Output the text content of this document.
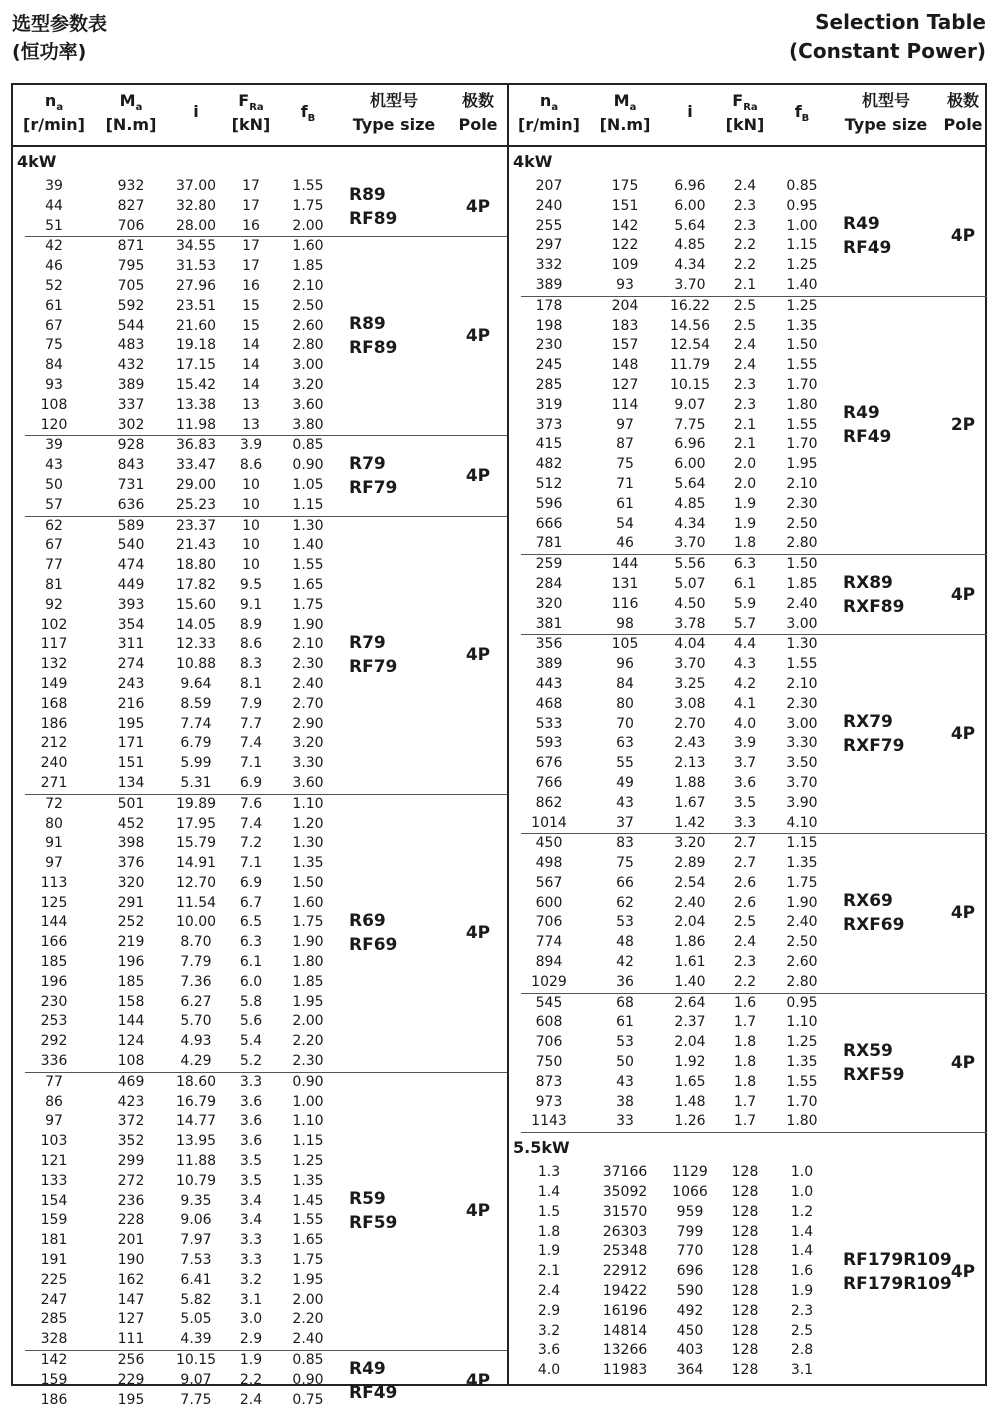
选型参数表
(恒功率)
Selection Table
(Constant Power)
$n_a$
[r/min]
$M_a$
[N.m]
i
$F_{Ra}$
[kN]
$f_B$
机型号
Type size
极数
Pole
4kW
39	932	37.00	17	1.55
44	827	32.80	17	1.75
51	706	28.00	16	2.00
R89
RF89
4P
42	871	34.55	17	1.60
46	795	31.53	17	1.85
52	705	27.96	16	2.10
61	592	23.51	15	2.50
67	544	21.60	15	2.60
75	483	19.18	14	2.80
84	432	17.15	14	3.00
93	389	15.42	14	3.20
108	337	13.38	13	3.60
120	302	11.98	13	3.80
R89
RF89
4P
39	928	36.83	3.9	0.85
43	843	33.47	8.6	0.90
50	731	29.00	10	1.05
57	636	25.23	10	1.15
R79
RF79
4P
62	589	23.37	10	1.30
67	540	21.43	10	1.40
77	474	18.80	10	1.55
81	449	17.82	9.5	1.65
92	393	15.60	9.1	1.75
102	354	14.05	8.9	1.90
117	311	12.33	8.6	2.10
132	274	10.88	8.3	2.30
149	243	9.64	8.1	2.40
168	216	8.59	7.9	2.70
186	195	7.74	7.7	2.90
212	171	6.79	7.4	3.20
240	151	5.99	7.1	3.30
271	134	5.31	6.9	3.60
R79
RF79
4P
72	501	19.89	7.6	1.10
80	452	17.95	7.4	1.20
91	398	15.79	7.2	1.30
97	376	14.91	7.1	1.35
113	320	12.70	6.9	1.50
125	291	11.54	6.7	1.60
144	252	10.00	6.5	1.75
166	219	8.70	6.3	1.90
185	196	7.79	6.1	1.80
196	185	7.36	6.0	1.85
230	158	6.27	5.8	1.95
253	144	5.70	5.6	2.00
292	124	4.93	5.4	2.20
336	108	4.29	5.2	2.30
R69
RF69
4P
77	469	18.60	3.3	0.90
86	423	16.79	3.6	1.00
97	372	14.77	3.6	1.10
103	352	13.95	3.6	1.15
121	299	11.88	3.5	1.25
133	272	10.79	3.5	1.35
154	236	9.35	3.4	1.45
159	228	9.06	3.4	1.55
181	201	7.97	3.3	1.65
191	190	7.53	3.3	1.75
225	162	6.41	3.2	1.95
247	147	5.82	3.1	2.00
285	127	5.05	3.0	2.20
328	111	4.39	2.9	2.40
R59
RF59
4P
142	256	10.15	1.9	0.85
159	229	9.07	2.2	0.90
186	195	7.75	2.4	0.75
R49
RF49
4P
$n_a$
[r/min]
$M_a$
[N.m]
i
$F_{Ra}$
[kN]
$f_B$
机型号
Type size
极数
Pole
4kW
207	175	6.96	2.4	0.85
240	151	6.00	2.3	0.95
255	142	5.64	2.3	1.00
297	122	4.85	2.2	1.15
332	109	4.34	2.2	1.25
389	93	3.70	2.1	1.40
R49
RF49
4P
178	204	16.22	2.5	1.25
198	183	14.56	2.5	1.35
230	157	12.54	2.4	1.50
245	148	11.79	2.4	1.55
285	127	10.15	2.3	1.70
319	114	9.07	2.3	1.80
373	97	7.75	2.1	1.55
415	87	6.96	2.1	1.70
482	75	6.00	2.0	1.95
512	71	5.64	2.0	2.10
596	61	4.85	1.9	2.30
666	54	4.34	1.9	2.50
781	46	3.70	1.8	2.80
R49
RF49
2P
259	144	5.56	6.3	1.50
284	131	5.07	6.1	1.85
320	116	4.50	5.9	2.40
381	98	3.78	5.7	3.00
RX89
RXF89
4P
356	105	4.04	4.4	1.30
389	96	3.70	4.3	1.55
443	84	3.25	4.2	2.10
468	80	3.08	4.1	2.30
533	70	2.70	4.0	3.00
593	63	2.43	3.9	3.30
676	55	2.13	3.7	3.50
766	49	1.88	3.6	3.70
862	43	1.67	3.5	3.90
1014	37	1.42	3.3	4.10
RX79
RXF79
4P
450	83	3.20	2.7	1.15
498	75	2.89	2.7	1.35
567	66	2.54	2.6	1.75
600	62	2.40	2.6	1.90
706	53	2.04	2.5	2.40
774	48	1.86	2.4	2.50
894	42	1.61	2.3	2.60
1029	36	1.40	2.2	2.80
RX69
RXF69
4P
545	68	2.64	1.6	0.95
608	61	2.37	1.7	1.10
706	53	2.04	1.8	1.25
750	50	1.92	1.8	1.35
873	43	1.65	1.8	1.55
973	38	1.48	1.7	1.70
1143	33	1.26	1.7	1.80
RX59
RXF59
4P
5.5kW
1.3	37166	1129	128	1.0
1.4	35092	1066	128	1.0
1.5	31570	959	128	1.2
1.8	26303	799	128	1.4
1.9	25348	770	128	1.4
2.1	22912	696	128	1.6
2.4	19422	590	128	1.9
2.9	16196	492	128	2.3
3.2	14814	450	128	2.5
3.6	13266	403	128	2.8
4.0	11983	364	128	3.1
RF179R109
RF179R109
4P
